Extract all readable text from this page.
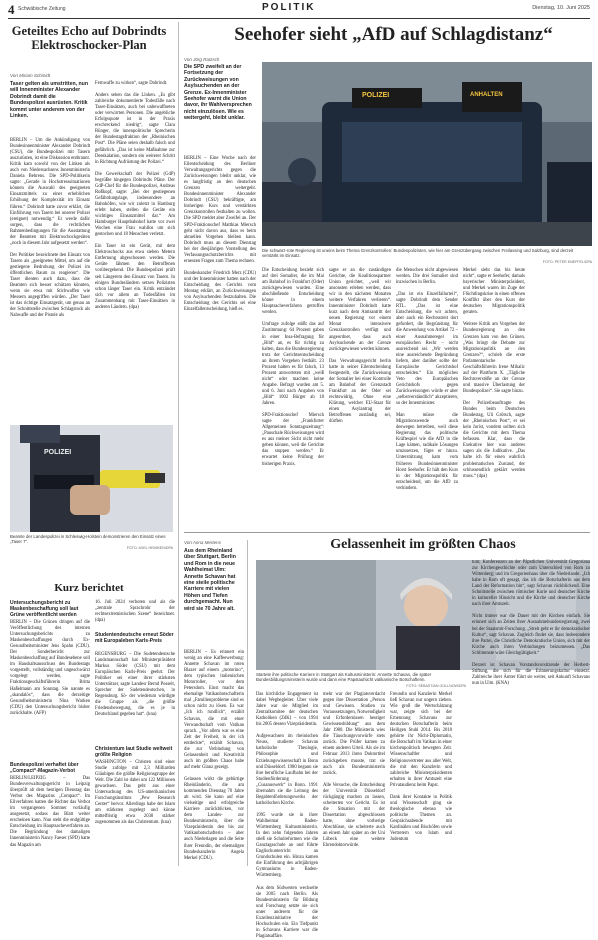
4 Schwäbische Zeitung	POLITIK	Dienstag, 10. Juni 2025
Geteiltes Echo auf Dobrindts Elektroschocker-Plan
Von Miriam Schmidt
Taser gelten als umstritten, nun will Innenminister Alexander Dobrindt damit die Bundespolizei ausrüsten. Kritik kommt unter anderem von der Linken.
BERLIN – Um die Ankündigung von Bundesinnenminister Alexander Dobrindt (CSU), die Bundespolizei mit Tasern auszurüsten, ist eine Diskussion entbrannt. Kritik kam sowohl von der Linken als auch von Niedersachsens Innenministerin Daniela Behrens. Die SPD-Politikerin sagte: „Gerade in Hochstresssituationen können die Auswahl des geeigneten Einsatzmittels zu einer erheblichen Erhöhung der Komplexität im Einsatz führen.“ Dobrindt hatte zuvor erklärt, die Einführung von Tasern bei unserer Polizei (ereignet) notwendig.“ Er werde dafür sorgen, dass die rechtlichen Rahmenbedingungen für die Ausstattung der Beamten mit Elektroschockgeräten „noch in diesem Jahr aufgesetzt werden“.

Der Politiker bezeichnete den Einsatz von Tasern als „geeignetes Mittel, um auf die gestiegene Bedrohung der Polizei im öffentlichen Raum zu reagieren“. Die Taser dienten auch dazu, dass die Beamten sich besser schützen könnten, wenn sie etwa mit Stichwaffen wie Messern angegriffen würden. „Der Taser ist das richtige Einsatzgerät, um genau an der Schnittstelle zwischen Schlagstock als Nahwaffe und der Pistole als
Fernwaffe zu wirken“, sagte Dobrindt.

Anders sehen das die Linken. „Es gibt zahlreiche dokumentierte Todesfälle nach Taser-Einsätzen, auch bei unbewaffneten oder verwirrten Personen. Die angebliche Erfolgsquote ist in der Praxis erschreckend niedrig“, sagte Clara Bünger, die innenpolitische Sprecherin der Bundestagsfraktion der „Rheinischen Post“. Die Pläne seien deshalb falsch und gefährlich. „Das ist keine Maßnahme zur Deeskalation, sondern ein weiterer Schritt in Richtung Aufrüstung der Polizei.“

Die Gewerkschaft der Polizei (GdP) begrüßte hingegen Dobrindts Pläne. Der GdP-Chef für die Bundespolizei, Andreas Roßkopf, sagte: „Bei der gestiegenen Gefährdungslage, insbesondere an Bahnhöfen, wie wir zuletzt in Hamburg erlebt haben, stellen die Geräte ein wichtiges Einsatzmittel dar.“ Am Hamburger Hauptbahnhof hatte vor zwei Wochen eine Frau wahllos um sich gestochen und 18 Menschen verletzt.

Ein Taser ist ein Gerät, mit dem Elektroschocks aus etwa sieben Metern Entfernung abgeschossen werden. Die Geräte lähmen den Betroffenen vorübergehend. Die Bundespolizei prüft seit Längerem den Einsatz von Tasern. In einigen Bundesländern setzen Polizisten schon länger Taser ein. Kritik entzündet sich vor allem an Todesfällen im Zusammenhang mit Taser-Einsätzen in anderen Ländern. (dpa)
POLIZEI
Beamte der Landespolizei in Schleswig-Holstein demonstrieren den Einsatz eines „Taser 7“.
FOTO: AXEL HEIMKEN/DPA
Kurz berichtet
Untersuchungsbericht zu Maskenbeschaffung soll laut Grüne veröffentlicht werden
BERLIN – Die Grünen dringen auf die Veröffentlichung des internen Untersuchungsberichts zu Maskenbeschaffungen durch Ex-Gesundheitsminister Jens Spahn (CDU). Der Sonderbericht zur Maskenbeschaffung auf Bundesebene soll im Haushaltsausschuss des Bundestags vorgestellt, vollständig und ungeschwärzt vorgelegt werden, sagte Fraktionsgeschäftsführerin Britta Haßelmann am Sonntag. Sie nannte es „skandalös“, dass die derzeitige Gesundheitsministerin Nina Warken (CDU) den Untersuchungsbericht bisher zurückhalte. (AFP)
Bundespolizei verhaftet über „Compact“-Magazin-Verbot
BERLIN/LEIPZIG – Das Bundesverwaltungsgericht in Leipzig überprüft ab dem heutigen Dienstag das Verbot des Magazins „Compact“. Im Eilverfahren hatten die Richter das Verbot im vergangenen Sommer vorläufig ausgesetzt, sodass das Blatt weiter erscheinen kann. Nun steht die endgültige Entscheidung im Hauptsacheverfahren an. Die Begründung des damaligen Innenministerin Nancy Faeser (SPD) hatte das Magazin am
16. Juli 2024 verboten und als die „zentrale Sprachrohr der rechtsextremistischen Szene“ bezeichnet. (dpa)
Studentendeutsche erneut Söder mit Europaleben Karls-Preis
REGENSBURG – Die Sudetendeutsche Landsmannschaft hat Ministerpräsident Markus Söder (CSU) mit dem Europäischen Karls-Preis geehrt. Der Politiker sei einer ihrer stärksten Unterstützer, sagte Landesr Bernd Posselt, Sprecher der Sudetendeutschen, in Regensburg. Sö- der wiederum würdigte die Gruppe als „die größte Friedensbewegung, die es je in Deutschland gegeben hat“. (kna)
Christentum laut Studie weltweit größte Religion
WASHINGTON – Christen sind einer Studie zufolge mit 2,3 Milliarden Gläubigen die größte Religionsgruppe der Welt. Die Zahl ist dabei um 122 Millionen gewachsen. Das geht aus einer Untersuchung des US-amerikanischen Forschungsinstituts „Pew Research Center“ hervor. Allerdings habe der Islam am stärksten zugelegt und könne mittelfristig etwa 2030 stärker zugenommen als das Christentum. (kna)
Seehofer sieht „AfD auf Schlagdistanz“
Von Jörg Ratzsch
Die SPD zweifelt an der Fortsetzung der Zurückweisungen von Asylsuchenden an der Grenze. Ex-Innenminister Seehofer warnt die Union davor, ihr Wahlversprechen nicht einzulösen. Wie es weitergeht, bleibt unklar.
BERLIN – Eine Woche nach der Eilentscheidung des Berliner Verwaltungsgerichts gegen die Zurückweisungen bleibt unklar, wie es langfristig an den deutschen Grenzen weitergeht. Bundesinnenminister Alexander Dobrindt (CSU) bekräftigte, am bisherigen Kurs und verstärkten Grenzkontrollen festhalten zu wollen. Die SPD meldet aber Zweifel an. Der SPD-Fraktionschef Matthias Miersch geht nicht davon aus, dass es beim aktuellen Vorgehen bleiben kann. Dobrindt muss an diesem Dienstag bei der diesjährigen Vorstellung des Verfassungsschutzberichts mit erneuten Fragen zum Thema rechnen.

Bundeskanzler Friedrich Merz (CDU) und der Innenminister hatten nach der Entscheidung des Gerichts vom Montag erklärt, an Zurückweisungen von Asylsuchenden festzuhalten. Die Entscheidung des Gerichts sei eine Einzelfallentscheidung, hieß es.
POLIZEI	ANHALTEN
Die schwarz-rote Regierung ist uneins beim Thema Grenzkontrollen: Bundespolizisten, wie hier am Grenzübergang zwischen Freilassing und Salzburg, sind derzeit verstärkt im Einsatz.
FOTO: PETER KNEFFEL/DPA
Die Entscheidung bezieht sich auf drei Somalier, die im Mai am Bahnhof in Frankfurt (Oder) zurückgewiesen wurden. Eine abschließende Entscheidung könne in einem Hauptsacheverfahren getroffen werden.

Umfrage zufolge stößt das auf Zustimmung: 64 Prozent gaben in einer Insa-Befragung für „Bild“ an, es für richtig zu halten, dass die Bundesregierung trotz der Gerichtsentscheidung an ihrem Vorgehen festhält. 23 Prozent halten es für falsch, 13 Prozent antworteten mit „weiß nicht“ oder machten keine Angabe. Befragt wurden am 5. und 6. Juni nach Angaben von „Bild“ 1002 Bürger ab 18 Jahren.

SPD-Fraktionschef Miersch sagte der „Frankfurter Allgemeinen Sonntagszeitung“: „Pauschale Rückweisungen wird es aus meiner Sicht nicht mehr geben können, weil die Gerichte das stoppen werden.“ Er erwartet keine Prüfung der bisherigen Praxis.
sagte er an die zuständigen Gerichte, die Koalitionspartner Union gerichtet, „weil wir ansonsten erleben werden, dass wir in den nächsten Monaten weitere Verfahren verlieren“. Innenminister Dobrindt hatte kurz nach dem Amtsantritt der neuen Regierung vor einem Monat intensivere Grenzkontrollen verfügt und angeordnet, dass auch Asylsuchende an der Grenze zurückgewiesen werden können.

Das Verwaltungsgericht berlin hatte in seiner Eilentscheidung festgestellt, die Zurückweisung der Somalier bei einer Kontrolle am Bahnhof der Grenzstadt Frankfurt an der Oder sei rechtswidrig. Ohne eine Klärung, welcher EU-Staat für einen Asylantrag der Betroffenen zuständig sei, dürften
die Menschen nicht abgewiesen werden. Die drei Somalier sind inzwischen in Berlin.

„Das ist ein Einzelfallurteil“, sagte Dobrindt dem Sender RTL. „Das ist eine Entscheidung, die wir achten, aber auch ein Rechtsstreit dort gefordert, die Begründung für die Anwendung von Artikel 72 – einer Ausnahmeregel im europäischen Recht – nicht ausreichend sei. „Wir werden eine ausreichende Begründung liefern, aber darüber sollte der Europäische Gerichtshof entscheiden.“ Ein mögliches Veto des Europäischen Gerichtshofs gegen Zurückweisungen würde er aber „selbstverständlich“ akzeptieren, so der Innenminister.

Man müsse die Migrationswende auch deswegen betreiben, weil diese Regierung das politische Kräftespiel wie die AfD in die Lage kämen, radikale Lösungen umzusetzen, fügte er hinzu. Unterstützung kam vom früheren Bundesinnenminister Horst Seehofer. Er hält den Kurs in der Migrationspolitik für entscheidend, um die AfD zu verhindern.
Merkel sieht das bis heute nicht“, sagte er Seehofer, damals bayerischer Ministerpräsident, und Merkel waren im Zuge der Flüchtlingskrise in einen offenen Konflikt über den Kurs der deutschen Migrationspolitik geraten.

Weitere Kritik am Vorgehen der Bundesregierung an den Grenzen kam von den Grünen. „Was bringt die Debatte zur Migrationspolitik an den Grenzen?“, schrieb die erste Parlamentarische Geschäftsführerin Irene Mihalic auf der Plattform X. „Tägliche Rechtsverstöße an der Grenze und massive Überlastung der Bundespolizei“. Sie sagte hinzu.

Der Polizeibeauftragte des Bundes beim Deutschen Bundestag, Uli Grötsch, sagte der „Rheinischen Post“, er sei kein Jurist, vondem sollten sich die Gerichte mit dem Thema befassen. Klar, dass die Exekutive hier was anderes sagen als die Judikative. „Das halte ich für einen wahrlich problematischen Zustand, der schlussendlich geklärt werden muss.“ (dpa)
Gelassenheit im größten Chaos
Von Anna Mertens
Aus dem Rheinland über Stuttgart, Berlin und Rom in die neue Wahlheimat Ulm: Annette Schavan hat eine steile politische Karriere mit vielen Höhen und Tiefen durchgemacht. Nun wird sie 70 Jahre alt.
BERLIN – Es erinnert ein wenig an eine Kaffeewerbung: Annette Schavan im roten Blazer auf einem „motorino“, dem typischen italienischen Motorroller, vor dem Petersdom. Einst macht das ehemalige Vatikanbotschafterin mal „Familienprobleme sind es schon nicht zu lösen. Es war „Ich ich rundlich“, erzählt Schavan, die mit einer Verwandtschaft vom Vatikan sprach. „Vor allem war es eine Zeit der Freiheit, in der ich entdeckte“, erzählt Schavan, die zur Verbindung von Gelassenheit und Kreativität auch im größten Chaos habe auf mehr Glanz gezeigt.

Gelassen wirkt die gebürtige Rheinländerin, die am kommenden Dienstag 70 Jahre alt wird. Sie kann auf eine vielseitige und erfolgreiche Karriere zurückblicken, vor dem Landes- zur Bundesministerin, über die Vizepräsidentin den bis zur Vatikanbotschafterin – aber auch Niederlagen und die Seite ihrer Freundin, der ehemaligen Bundeskanzlerin Angela Merkel (CDU).
Startete ihre politische Karriere in Stuttgart als Kultusministerin: Annette Schavan, die später Bundesbildungsministerin wurde und dann eine Papstaufsicht vatikanische Botschafterin.
FOTO: SEBASTIAN GOLLNOW/DPA
Das kirchliche Engagement ist dabei Wegbegleiter. Über viele Jahre war sie Mitglied im Zentralkomitee der deutschen Katholiken (ZdK) – von 1994 bis 2005 dessen Vizepräsidentin.

Aufgewachsen im rheinischen Neuss, studierte Schavan katholische Theologie, Philosophie und Erziehungswissenschaft in Bonn und Düsseldorf. 1980 begann sie ihre berufliche Laufbahn bei der Studienförderung „Cusanuswerk“ in Bonn. 1991 übernahm sie die Leitung des Begabtenförderungswerks der katholischen Kirche.

1995 wurde sie in ihrer Wahlheimat Baden-Württemberg Kultusministerin. In den zehn folgenden Jahren stieß sie Schulreformen wie die Ganztagsschule an und führte Englischunterricht an Grundschulen ein. Hinzu kamen die Einführung des achtjährigen Gymnasiums in Baden-Württemberg.

Aus dem Südwesten wechselte sie 2005 nach Berlin. Als Bundesministerin für Bildung und Forschung setzte sie sich unter anderem für die Exzellenzinitiative der Hochschulen ein. Ein Tiefpunkt in Schavans Karriere war die Plagiatsaffäre.
mehr war der Plagiatsverdacht gegen ihre Dissertation „Person und Gewissen. Studien zu Voraussetzungen, Notwendigkeit und Erfordernissen heutiger Gewissensbildung“ aus dem Jahr 1980. Die Ministerin wies die Täuschungsvorwürfe stets zurück. Die Prüfer kamen zu einem anderen Urteil. Als sie im Februar 2013 ihren Doktortitel zurückgeben musste, trat sie auch als Bundesministerin zurück.

Alle Versuche, die Entscheidung der Universität Düsseldorf rückgängig machen zu lassen, scheiterten vor Gericht. Es ist die Situation mit der Dissertation abgeschlossen hatte, ohne vorherige Abschlüsse, sie scheiterte auch an einem Jahr später an der Uni Lübeck eine weitere Ehrendoktorwürde.
Freundin und Kanzlerin Merkel ließ Schavan nur ungern ziehen. Wie groß die Wertschätzung war, zeigte sich bei der Ernennung Schavans zur deutschen Botschafterin beim Heiligen Stuhl 2014. Bis 2018 gehörte ihr Nicht-Diplomatin, die Botschaft im Vatikan in einer kirchenpolitisch bewegten Zeit. Wissenschaftler und Religionsvertreter aus aller Welt, die mit den Kanzlerin und zahlreiche Ministerpräsidenten erhalten in ihrer Amtszeit eine Privataudienz beim Papst.

Dank ihrer Kontakte in Politik und Wissenschaft ging sie theologische ebenso wie politische Themen an. Gesprächsabende mit Kardinälen und Bischöfen sowie Vertretern von Islam und Judentum
tum; Konferenzen an der Päpstlichen Universität Gregoriana zur Kirchengeschichte oder zum Unterschied von Rom zu Wittenberg; und im Gregorienhaus über die Niederlande. „Ich habe in Rom oft gesagt, das ich die Botschafterin aus dem Land der Reformation bin“, sagt Schavan rückblickend. Eine Schnittstelle zwischen römischer Kurie und deutscher Kirche in kultureller Hinsicht und die Kirche und deutscher Kirche nach ihrer Amtszeit.

Nicht immer war die Dauer mit der Kirchen einfach. Sie erinnert sich an Zeiten ihrer Ausnahmebundesregierung, zwei bei der Staatsmit-Forschung. „Streit geht er ihr demokratischer Kultur“, sagt Schavan. Zugleich findet sie, dass insbesondere ihre Partei, die Christliche Demokratische Union, sich mit der Kirche auch ihren Verbindungen beizumessen. „Das Schlimmste wäre Gleichgültigkeit.“

Derzeit ist Schavan Vorstandsvorsitzende der Herbert-Stiftung, die sich für die Erinnerungskultur einsetzt. Zahlreiche ihrer Ämter führt sie weiter, seit Ankunft Schavans nun in Ulm. (KNA)
